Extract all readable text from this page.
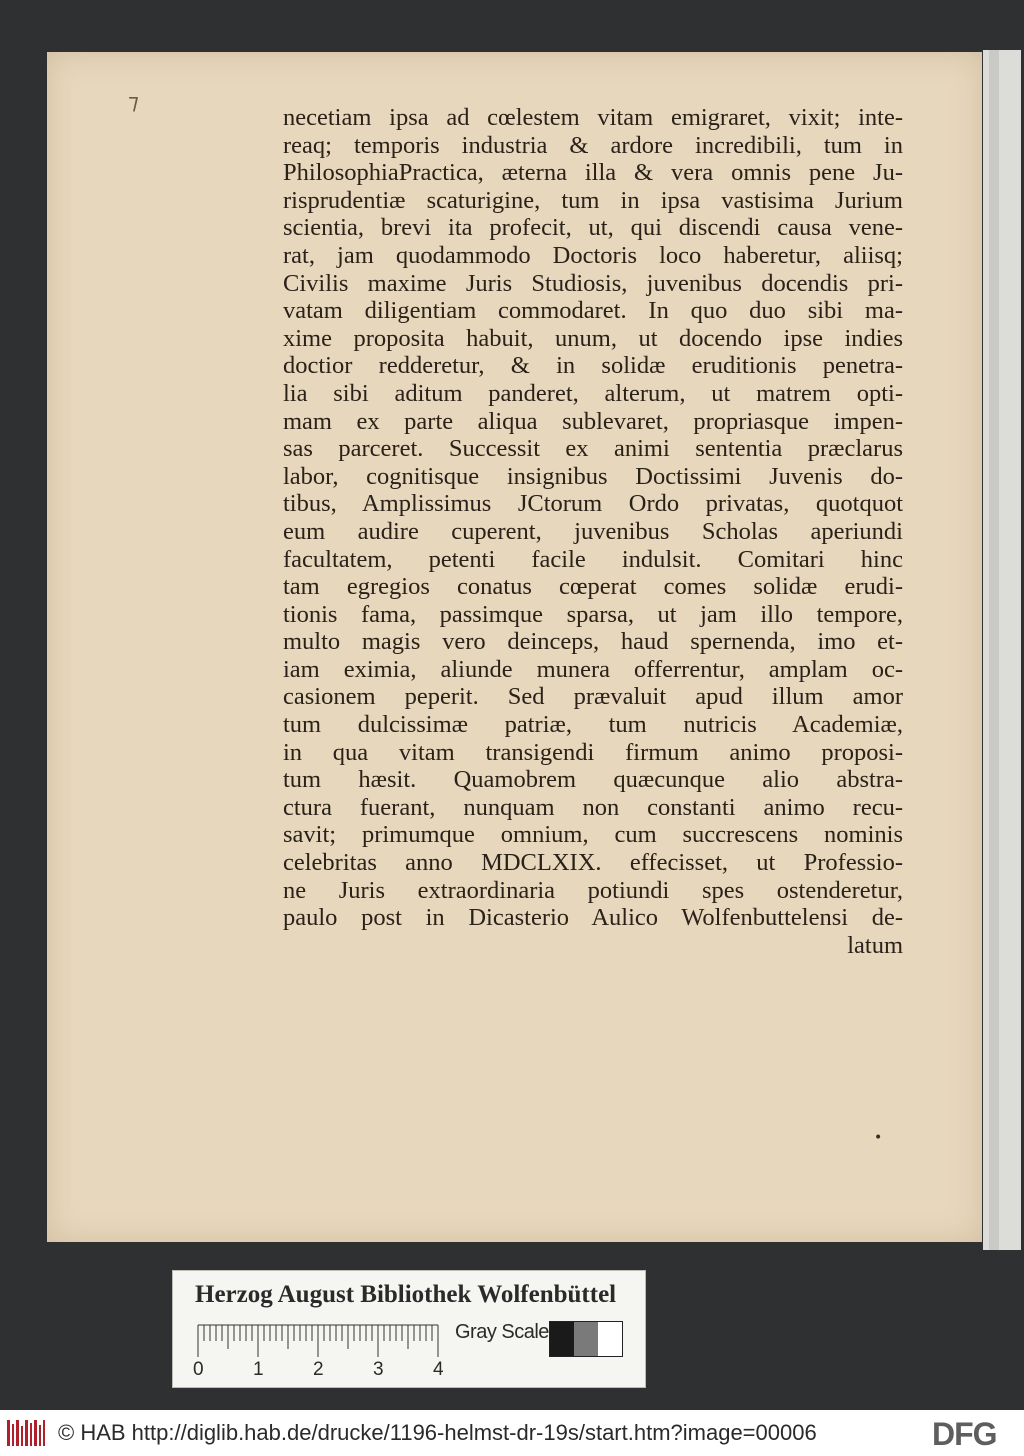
⁊
necetiam ipsa ad cœlestem vitam emigraret, vixit; inte-
reaq; temporis industria & ardore incredibili, tum in
PhilosophiaPractica, æterna illa & vera omnis pene Ju-
risprudentiæ scaturigine, tum in ipsa vastisima Jurium
scientia, brevi ita profecit, ut, qui discendi causa vene-
rat, jam quodammodo Doctoris loco haberetur, aliisq;
Civilis maxime Juris Studiosis, juvenibus docendis pri-
vatam diligentiam commodaret. In quo duo sibi ma-
xime proposita habuit, unum, ut docendo ipse indies
doctior redderetur, & in solidæ eruditionis penetra-
lia sibi aditum panderet, alterum, ut matrem opti-
mam ex parte aliqua sublevaret, propriasque impen-
sas parceret. Successit ex animi sententia præclarus
labor, cognitisque insignibus Doctissimi Juvenis do-
tibus, Amplissimus JCtorum Ordo privatas, quotquot
eum audire cuperent, juvenibus Scholas aperiundi
facultatem, petenti facile indulsit. Comitari hinc
tam egregios conatus cœperat comes solidæ erudi-
tionis fama, passimque sparsa, ut jam illo tempore,
multo magis vero deinceps, haud spernenda, imo et-
iam eximia, aliunde munera offerrentur, amplam oc-
casionem peperit. Sed prævaluit apud illum amor
tum dulcissimæ patriæ, tum nutricis Academiæ,
in qua vitam transigendi firmum animo proposi-
tum hæsit. Quamobrem quæcunque alio abstra-
ctura fuerant, nunquam non constanti animo recu-
savit; primumque omnium, cum succrescens nominis
celebritas anno MDCLXIX. effecisset, ut Professio-
ne Juris extraordinaria potiundi spes ostenderetur,
paulo post in Dicasterio Aulico Wolfenbuttelensi de-
latum
•
Herzog August Bibliothek Wolfenbüttel
0	1	2	3	4
Gray Scale
© HAB http://diglib.hab.de/drucke/1196-helmst-dr-19s/start.htm?image=00006	DFG
